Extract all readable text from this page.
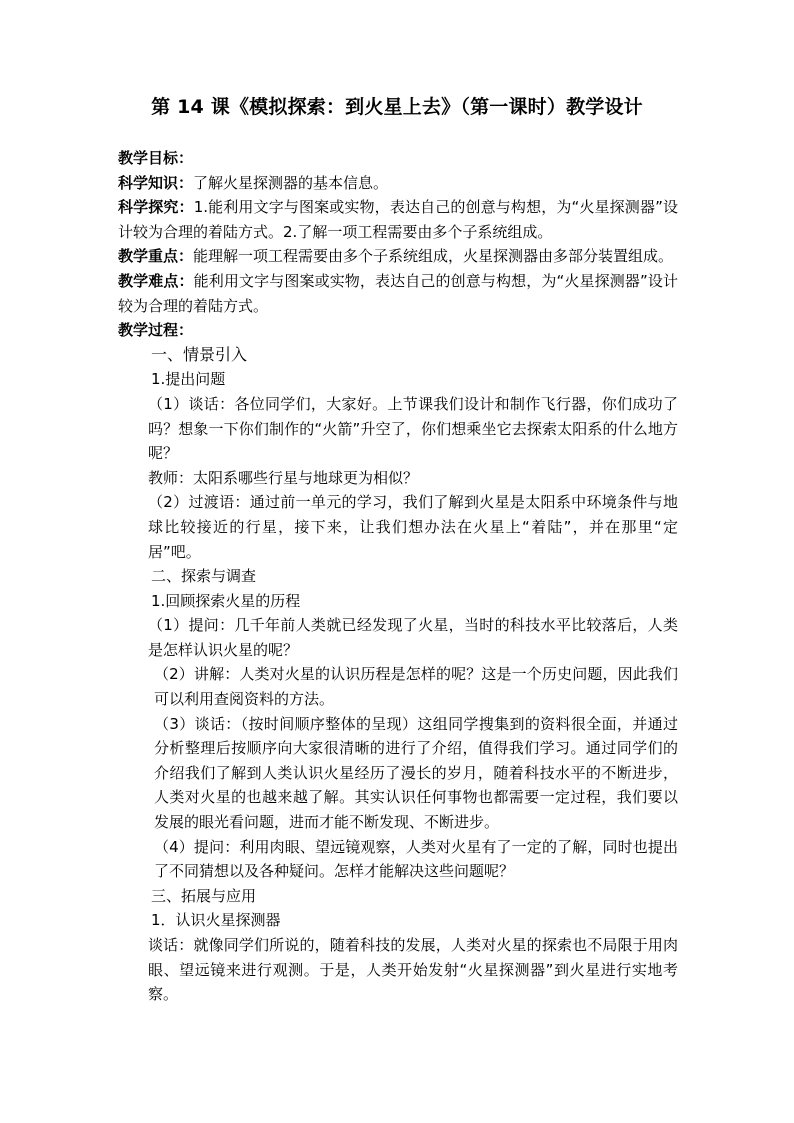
第 14 课《模拟探索：到火星上去》（第一课时）教学设计

教学目标：

科学知识：了解火星探测器的基本信息。

科学探究：1.能利用文字与图案或实物，表达自己的创意与构想，为“火星探测器”设计较为合理的着陆方式。2.了解一项工程需要由多个子系统组成。

教学重点：能理解一项工程需要由多个子系统组成，火星探测器由多部分装置组成。

教学难点：能利用文字与图案或实物，表达自己的创意与构想，为“火星探测器”设计较为合理的着陆方式。

教学过程：

一、情景引入

1.提出问题

（1）谈话：各位同学们，大家好。上节课我们设计和制作飞行器，你们成功了吗？想象一下你们制作的“火箭”升空了，你们想乘坐它去探索太阳系的什么地方呢？

教师：太阳系哪些行星与地球更为相似？

（2）过渡语：通过前一单元的学习，我们了解到火星是太阳系中环境条件与地球比较接近的行星，接下来，让我们想办法在火星上“着陆”，并在那里“定居”吧。

二、探索与调查

1.回顾探索火星的历程

（1）提问：几千年前人类就已经发现了火星，当时的科技水平比较落后，人类是怎样认识火星的呢？

（2）讲解：人类对火星的认识历程是怎样的呢？这是一个历史问题，因此我们可以利用查阅资料的方法。

（3）谈话：（按时间顺序整体的呈现）这组同学搜集到的资料很全面，并通过分析整理后按顺序向大家很清晰的进行了介绍，值得我们学习。通过同学们的介绍我们了解到人类认识火星经历了漫长的岁月，随着科技水平的不断进步，人类对火星的也越来越了解。其实认识任何事物也都需要一定过程，我们要以发展的眼光看问题，进而才能不断发现、不断进步。

（4）提问：利用肉眼、望远镜观察，人类对火星有了一定的了解，同时也提出了不同猜想以及各种疑问。怎样才能解决这些问题呢？

三、拓展与应用

1．认识火星探测器

谈话：就像同学们所说的，随着科技的发展，人类对火星的探索也不局限于用肉眼、望远镜来进行观测。于是，人类开始发射“火星探测器”到火星进行实地考察。
